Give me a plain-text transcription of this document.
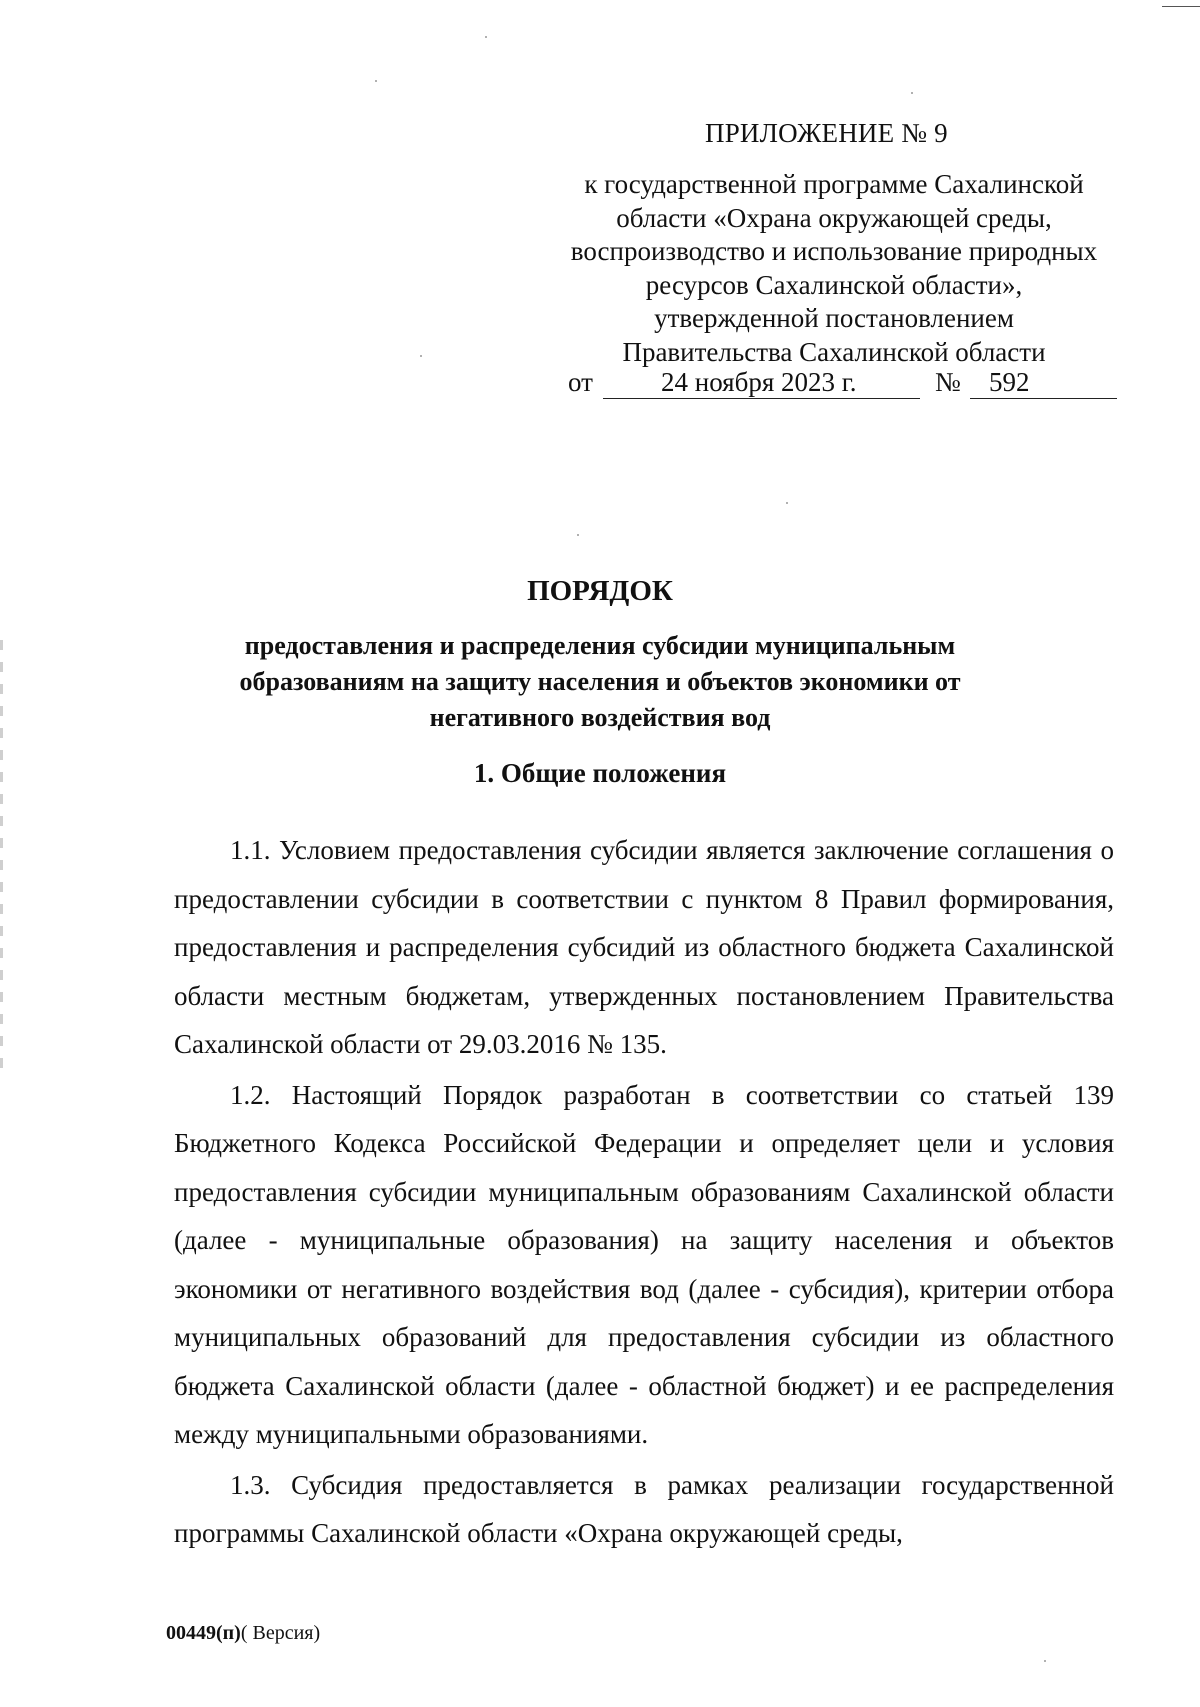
ПРИЛОЖЕНИЕ № 9
к государственной программе Сахалинской
области «Охрана окружающей среды,
воспроизводство и использование природных
ресурсов Сахалинской области»,
утвержденной постановлением
Правительства Сахалинской области
от	24 ноября 2023 г.	№ 592
ПОРЯДОК
предоставления и распределения субсидии муниципальным
образованиям на защиту населения и объектов экономики от
негативного воздействия вод
1. Общие положения

1.1. Условием предоставления субсидии является заключение соглашения о предоставлении субсидии в соответствии с пунктом 8 Правил формирования, предоставления и распределения субсидий из областного бюджета Сахалинской области местным бюджетам, утвержденных постановлением Правительства Сахалинской области от 29.03.2016 № 135.

1.2. Настоящий Порядок разработан в соответствии со статьей 139 Бюджетного Кодекса Российской Федерации и определяет цели и условия предоставления субсидии муниципальным образованиям Сахалинской области (далее - муниципальные образования) на защиту населения и объектов экономики от негативного воздействия вод (далее - субсидия), критерии отбора муниципальных образований для предоставления субсидии из областного бюджета Сахалинской области (далее - областной бюджет) и ее распределения между муниципальными образованиями.

1.3. Субсидия предоставляется в рамках реализации государственной программы Сахалинской области «Охрана окружающей среды,

00449(п)( Версия)
